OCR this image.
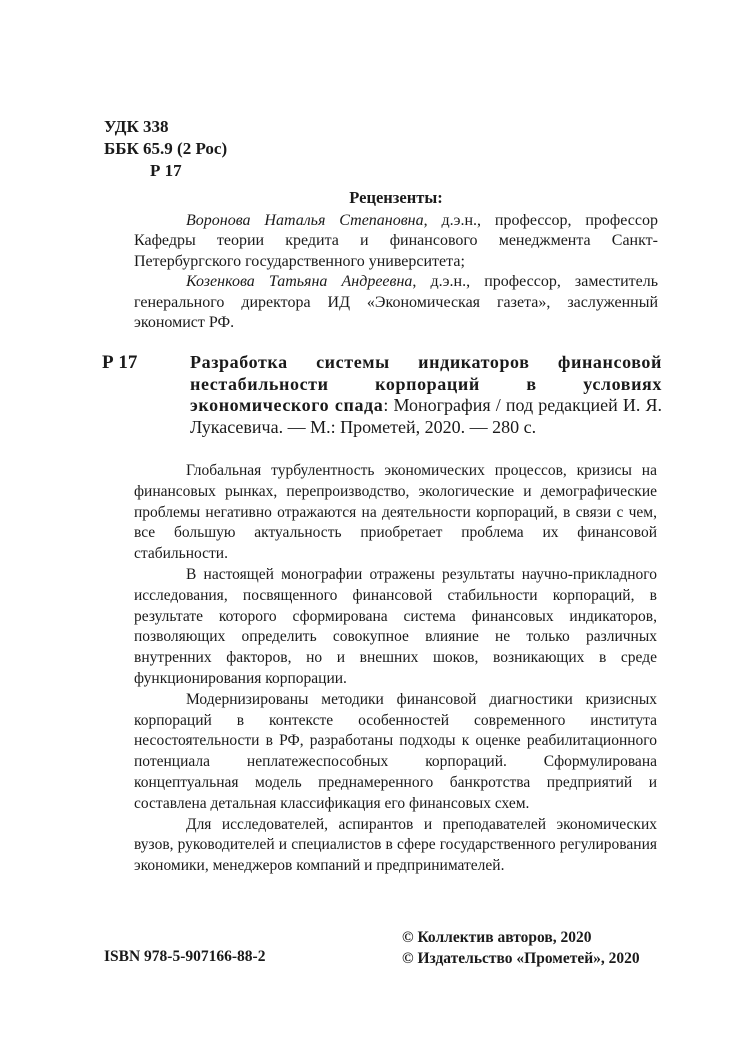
УДК 338
ББК 65.9 (2 Рос)
Р 17
Рецензенты:

Воронова Наталья Степановна, д.э.н., профессор, профессор Кафедры теории кредита и финансового менеджмента Санкт-Петербургского государственного университета;

Козенкова Татьяна Андреевна, д.э.н., профессор, заместитель генерального директора ИД «Экономическая газета», заслуженный экономист РФ.

Р 17	Разработка системы индикаторов финансовой нестабильности корпораций в условиях экономического спада: Монография / под редакцией И. Я. Лукасевича. — М.: Прометей, 2020. — 280 с.

Глобальная турбулентность экономических процессов, кризисы на финансовых рынках, перепроизводство, экологические и демографические проблемы негативно отражаются на деятельности корпораций, в связи с чем, все большую актуальность приобретает проблема их финансовой стабильности.

В настоящей монографии отражены результаты научно-прикладного исследования, посвященного финансовой стабильности корпораций, в результате которого сформирована система финансовых индикаторов, позволяющих определить совокупное влияние не только различных внутренних факторов, но и внешних шоков, возникающих в среде функционирования корпорации.

Модернизированы методики финансовой диагностики кризисных корпораций в контексте особенностей современного института несостоятельности в РФ, разработаны подходы к оценке реабилитационного потенциала неплатежеспособных корпораций. Сформулирована концептуальная модель преднамеренного банкротства предприятий и составлена детальная классификация его финансовых схем.

Для исследователей, аспирантов и преподавателей экономических вузов, руководителей и специалистов в сфере государственного регулирования экономики, менеджеров компаний и предпринимателей.

ISBN 978-5-907166-88-2
© Коллектив авторов, 2020
© Издательство «Прометей», 2020
